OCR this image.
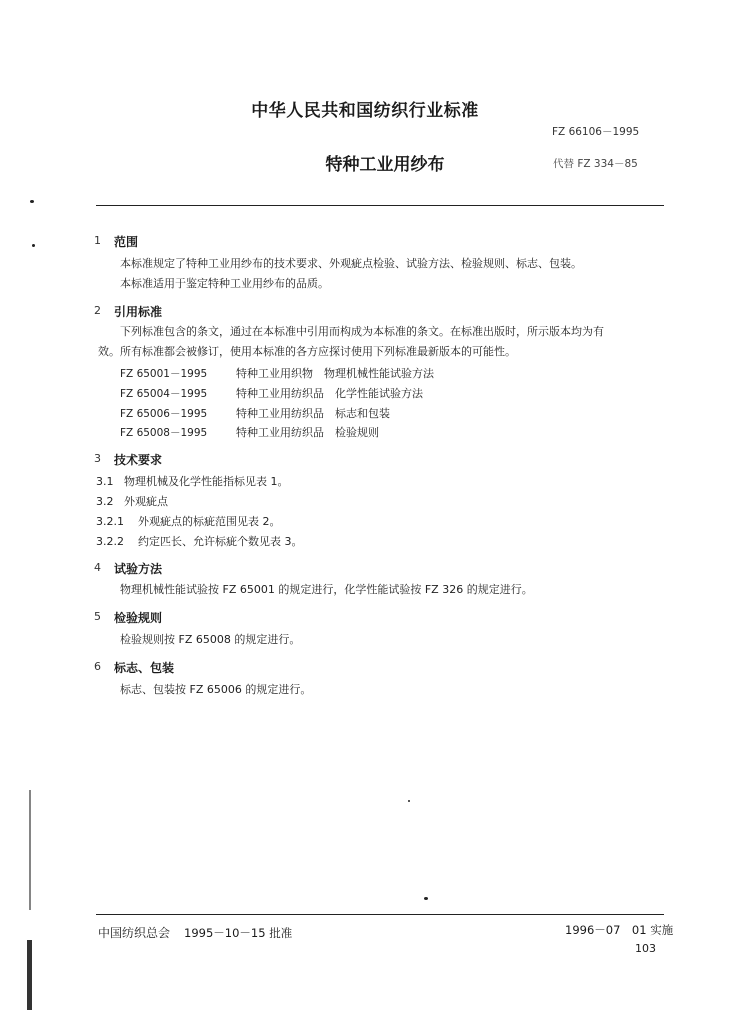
中华人民共和国纺织行业标准
FZ 66106－1995
特种工业用纱布	代替 FZ 334－85
1 范围
本标准规定了特种工业用纱布的技术要求、外观疵点检验、试验方法、检验规则、标志、包装。
本标准适用于鉴定特种工业用纱布的品质。
2 引用标准
下列标准包含的条文，通过在本标准中引用而构成为本标准的条文。在标准出版时，所示版本均为有
效。所有标准都会被修订，使用本标准的各方应探讨使用下列标准最新版本的可能性。
FZ 65001－1995	特种工业用织物　物理机械性能试验方法
FZ 65004－1995	特种工业用纺织品　化学性能试验方法
FZ 65006－1995	特种工业用纺织品　标志和包装
FZ 65008－1995	特种工业用纺织品　检验规则
3 技术要求
3.1 物理机械及化学性能指标见表 1。
3.2 外观疵点
3.2.1 外观疵点的标疵范围见表 2。
3.2.2 约定匹长、允许标疵个数见表 3。
4 试验方法
物理机械性能试验按 FZ 65001 的规定进行，化学性能试验按 FZ 326 的规定进行。
5 检验规则
检验规则按 FZ 65008 的规定进行。
6 标志、包装
标志、包装按 FZ 65006 的规定进行。
中国纺织总会 1995－10－15 批准	1996－07　01 实施
103
